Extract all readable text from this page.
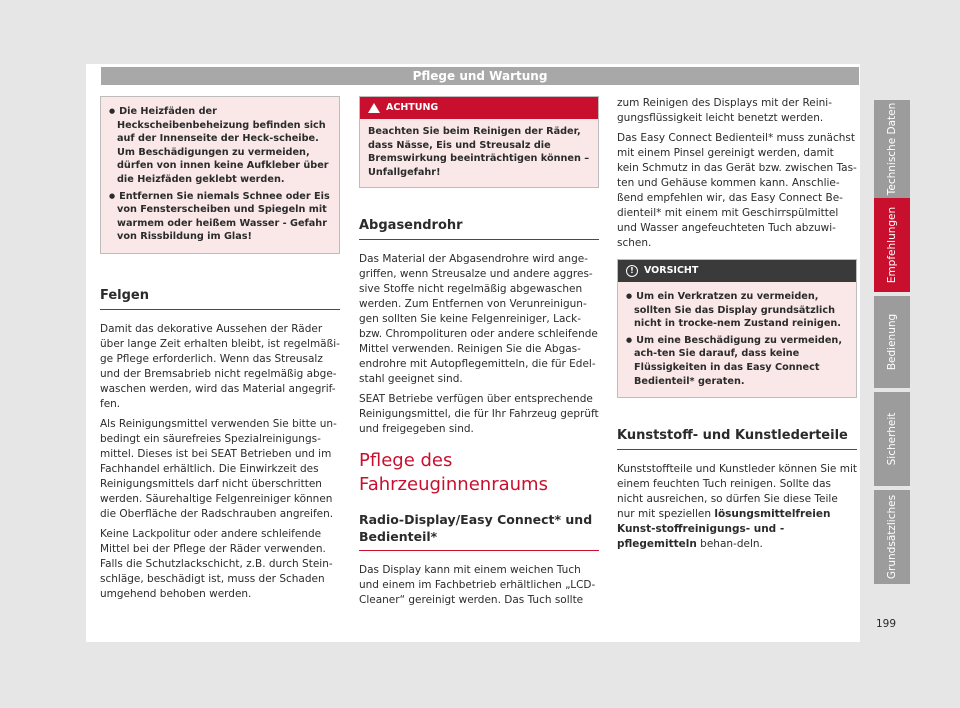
Pflege und Wartung
● Die Heizfäden der Heckscheibenbeheizung befinden sich auf der Innenseite der Heck-scheibe. Um Beschädigungen zu vermeiden, dürfen von innen keine Aufkleber über die Heizfäden geklebt werden.
● Entfernen Sie niemals Schnee oder Eis von Fensterscheiben und Spiegeln mit warmem oder heißem Wasser - Gefahr von Rissbildung im Glas!
Felgen

Damit das dekorative Aussehen der Räder über lange Zeit erhalten bleibt, ist regelmäßi-ge Pflege erforderlich. Wenn das Streusalz und der Bremsabrieb nicht regelmäßig abge-waschen werden, wird das Material angegrif-fen.

Als Reinigungsmittel verwenden Sie bitte un-bedingt ein säurefreies Spezialreinigungs-mittel. Dieses ist bei SEAT Betrieben und im Fachhandel erhältlich. Die Einwirkzeit des Reinigungsmittels darf nicht überschritten werden. Säurehaltige Felgenreiniger können die Oberfläche der Radschrauben angreifen.

Keine Lackpolitur oder andere schleifende Mittel bei der Pflege der Räder verwenden. Falls die Schutzlackschicht, z.B. durch Stein-schläge, beschädigt ist, muss der Schaden umgehend behoben werden.

ACHTUNG
Beachten Sie beim Reinigen der Räder, dass Nässe, Eis und Streusalz die Bremswirkung beeinträchtigen können – Unfallgefahr!
Abgasendrohr

Das Material der Abgasendrohre wird ange-griffen, wenn Streusalze und andere aggres-sive Stoffe nicht regelmäßig abgewaschen werden. Zum Entfernen von Verunreinigun-gen sollten Sie keine Felgenreiniger, Lack- bzw. Chrompolituren oder andere schleifende Mittel verwenden. Reinigen Sie die Abgas-endrohre mit Autopflegemitteln, die für Edel-stahl geeignet sind.

SEAT Betriebe verfügen über entsprechende Reinigungsmittel, die für Ihr Fahrzeug geprüft und freigegeben sind.

Pflege des Fahrzeuginnenraums
Radio-Display/Easy Connect* und Bedienteil*

Das Display kann mit einem weichen Tuch und einem im Fachbetrieb erhältlichen „LCD-Cleaner“ gereinigt werden. Das Tuch sollte

zum Reinigen des Displays mit der Reini-gungsflüssigkeit leicht benetzt werden.

Das Easy Connect Bedienteil* muss zunächst mit einem Pinsel gereinigt werden, damit kein Schmutz in das Gerät bzw. zwischen Tas-ten und Gehäuse kommen kann. Anschlie-ßend empfehlen wir, das Easy Connect Be-dienteil* mit einem mit Geschirrspülmittel und Wasser angefeuchteten Tuch abzuwi-schen.

!	VORSICHT
● Um ein Verkratzen zu vermeiden, sollten Sie das Display grundsätzlich nicht in trocke-nem Zustand reinigen.
● Um eine Beschädigung zu vermeiden, ach-ten Sie darauf, dass keine Flüssigkeiten in das Easy Connect Bedienteil* geraten.
Kunststoff- und Kunstlederteile

Kunststoffteile und Kunstleder können Sie mit einem feuchten Tuch reinigen. Sollte das nicht ausreichen, so dürfen Sie diese Teile nur mit speziellen lösungsmittelfreien Kunst-stoffreinigungs- und -pflegemitteln behan-deln.

Technische Daten
Empfehlungen
Bedienung
Sicherheit
Grundsätzliches
199
